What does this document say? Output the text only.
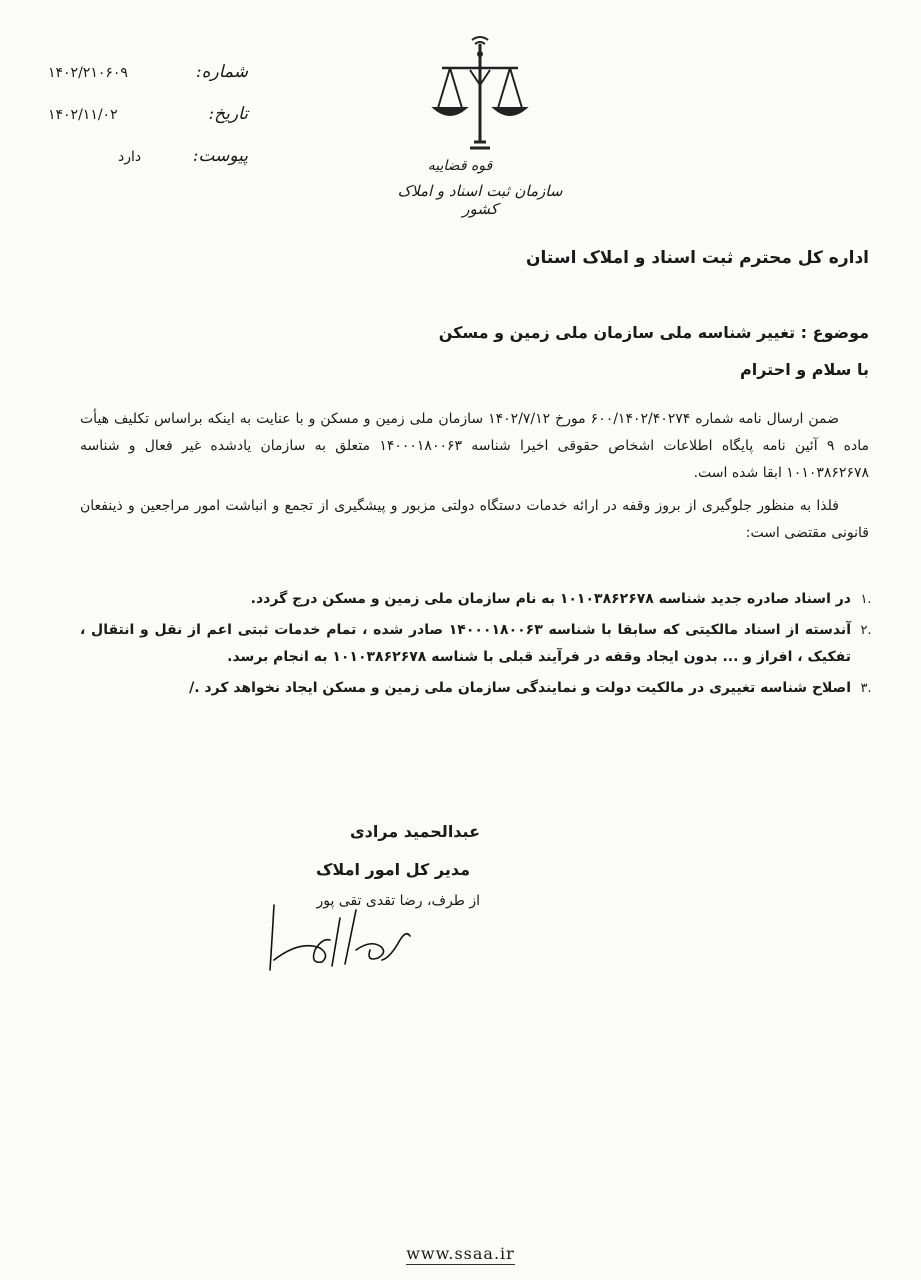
۱۴۰۲/۲۱۰۶۰۹	شماره:
۱۴۰۲/۱۱/۰۲	تاریخ:
دارد	پیوست:	قوه قضاییه
سازمان ثبت اسناد و املاک کشور
اداره کل محترم ثبت اسناد و املاک استان
موضوع : تغییر شناسه ملی سازمان ملی زمین و مسکن
با سلام و احترام

ضمن ارسال نامه شماره ۶۰۰/۱۴۰۲/۴۰۲۷۴ مورخ ۱۴۰۲/۷/۱۲ سازمان ملی زمین و مسکن و با عنایت به اینکه براساس تکلیف هیأت ماده ۹ آئین نامه پایگاه اطلاعات اشخاص حقوقی اخیرا شناسه ۱۴۰۰۰۱۸۰۰۶۳ متعلق به سازمان یادشده غیر فعال و شناسه ۱۰۱۰۳۸۶۲۶۷۸ ابقا شده است.

فلذا به منظور جلوگیری از بروز وقفه در ارائه خدمات دستگاه دولتی مزبور و پیشگیری از تجمع و انباشت امور مراجعین و ذینفعان قانونی مقتضی است:

.۱
در اسناد صادره جدید شناسه ۱۰۱۰۳۸۶۲۶۷۸ به نام سازمان ملی زمین و مسکن درج گردد.
.۲
آندسته از اسناد مالکیتی که سابقا با شناسه ۱۴۰۰۰۱۸۰۰۶۳ صادر شده ، تمام خدمات ثبتی اعم از نقل و انتقال ، تفکیک ، افراز و ... بدون ایجاد وقفه در فرآیند قبلی با شناسه ۱۰۱۰۳۸۶۲۶۷۸ به انجام برسد.
.۳
اصلاح شناسه تغییری در مالکیت دولت و نمایندگی سازمان ملی زمین و مسکن ایجاد نخواهد کرد ./
عبدالحمید مرادی
مدیر کل امور املاک
از طرف، رضا تقدی تقی پور
www.ssaa.ir
